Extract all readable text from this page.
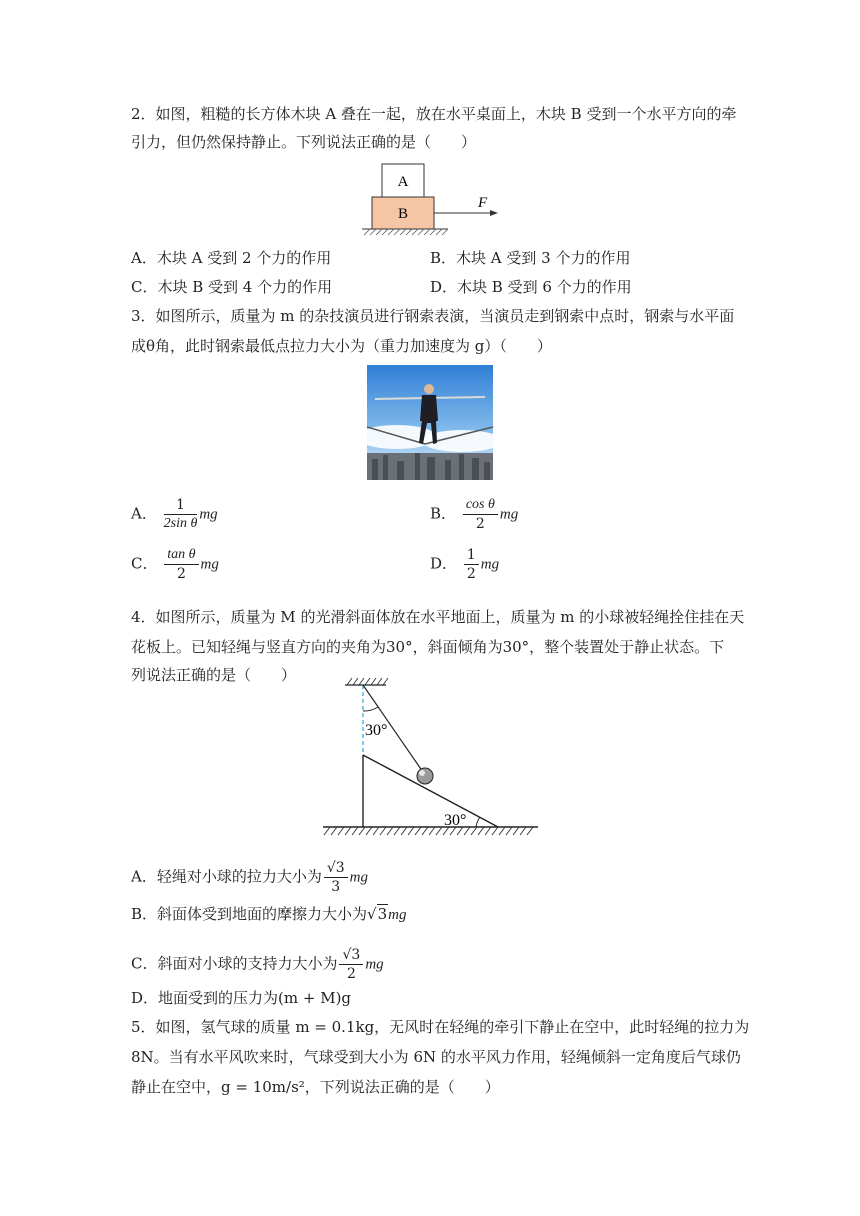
2．如图，粗糙的长方体木块 A 叠在一起，放在水平桌面上，木块 B 受到一个水平方向的牵
引力，但仍然保持静止。下列说法正确的是（　　）
A
B
F
A．木块 A 受到 2 个力的作用	B．木块 A 受到 3 个力的作用
C．木块 B 受到 4 个力的作用	D．木块 B 受到 6 个力的作用
3．如图所示，质量为 m 的杂技演员进行钢索表演，当演员走到钢索中点时，钢索与水平面
成θ角，此时钢索最低点拉力大小为（重力加速度为 g）（　　）
A． $\frac{1}{\text{2sin θ}}$ mg	B． $\frac{\text{cos θ}}{2}$ mg
C． $\frac{\text{tan θ}}{2}$ mg	D． $\frac{1}{2}$ mg
4．如图所示，质量为 M 的光滑斜面体放在水平地面上，质量为 m 的小球被轻绳拴住挂在天
花板上。已知轻绳与竖直方向的夹角为30°，斜面倾角为30°，整个装置处于静止状态。下
列说法正确的是（　　）
30°
30°
A．轻绳对小球的拉力大小为 $\frac{√3}{3}$ mg
B．斜面体受到地面的摩擦力大小为√3mg
C．斜面对小球的支持力大小为 $\frac{√3}{2}$ mg
D．地面受到的压力为(m + M)g
5．如图，氢气球的质量 m = 0.1kg，无风时在轻绳的牵引下静止在空中，此时轻绳的拉力为
8N。当有水平风吹来时，气球受到大小为 6N 的水平风力作用，轻绳倾斜一定角度后气球仍
静止在空中，g = 10m/s²，下列说法正确的是（　　）
